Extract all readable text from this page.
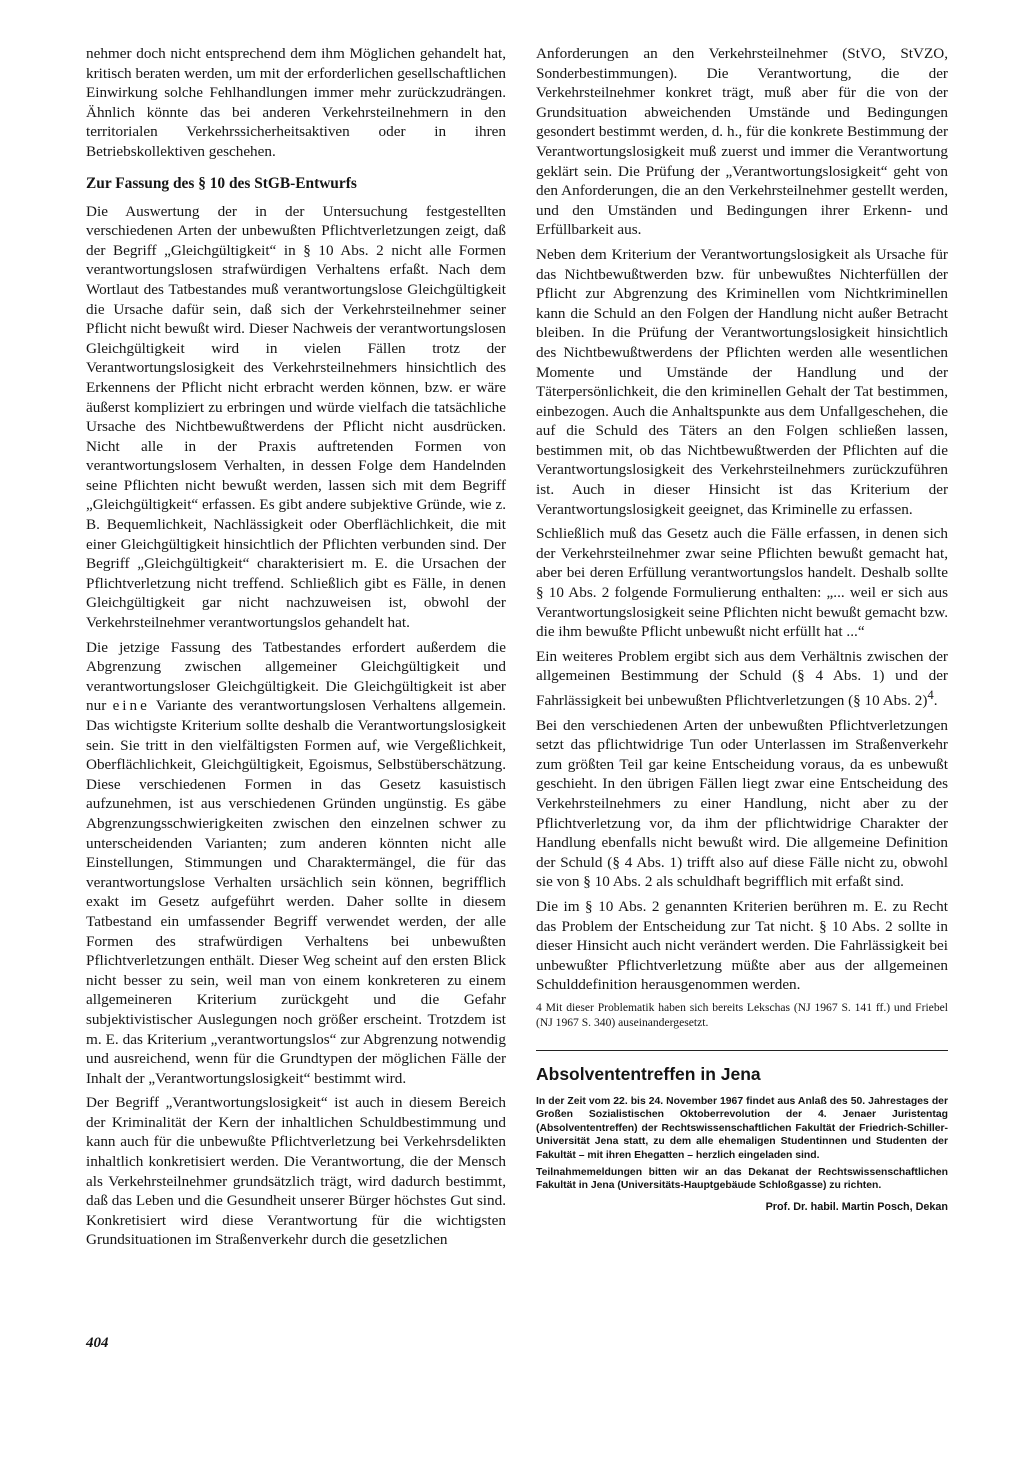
nehmer doch nicht entsprechend dem ihm Möglichen gehandelt hat, kritisch beraten werden, um mit der erforderlichen gesellschaftlichen Einwirkung solche Fehlhandlungen immer mehr zurückzudrängen. Ähnlich könnte das bei anderen Verkehrsteilnehmern in den territorialen Verkehrssicherheitsaktiven oder in ihren Betriebskollektiven geschehen.

Zur Fassung des § 10 des StGB-Entwurfs

Die Auswertung der in der Untersuchung festgestellten verschiedenen Arten der unbewußten Pflichtverletzungen zeigt, daß der Begriff „Gleichgültigkeit“ in § 10 Abs. 2 nicht alle Formen verantwortungslosen strafwürdigen Verhaltens erfaßt. Nach dem Wortlaut des Tatbestandes muß verantwortungslose Gleichgültigkeit die Ursache dafür sein, daß sich der Verkehrsteilnehmer seiner Pflicht nicht bewußt wird. Dieser Nachweis der verantwortungslosen Gleichgültigkeit wird in vielen Fällen trotz der Verantwortungslosigkeit des Verkehrsteilnehmers hinsichtlich des Erkennens der Pflicht nicht erbracht werden können, bzw. er wäre äußerst kompliziert zu erbringen und würde vielfach die tatsächliche Ursache des Nichtbewußtwerdens der Pflicht nicht ausdrücken. Nicht alle in der Praxis auftretenden Formen von verantwortungslosem Verhalten, in dessen Folge dem Handelnden seine Pflichten nicht bewußt werden, lassen sich mit dem Begriff „Gleichgültigkeit“ erfassen. Es gibt andere subjektive Gründe, wie z. B. Bequemlichkeit, Nachlässigkeit oder Oberflächlichkeit, die mit einer Gleichgültigkeit hinsichtlich der Pflichten verbunden sind. Der Begriff „Gleichgültigkeit“ charakterisiert m. E. die Ursachen der Pflichtverletzung nicht treffend. Schließlich gibt es Fälle, in denen Gleichgültigkeit gar nicht nachzuweisen ist, obwohl der Verkehrsteilnehmer verantwortungslos gehandelt hat.

Die jetzige Fassung des Tatbestandes erfordert außerdem die Abgrenzung zwischen allgemeiner Gleichgültigkeit und verantwortungsloser Gleichgültigkeit. Die Gleichgültigkeit ist aber nur eine Variante des verantwortungslosen Verhaltens allgemein. Das wichtigste Kriterium sollte deshalb die Verantwortungslosigkeit sein. Sie tritt in den vielfältigsten Formen auf, wie Vergeßlichkeit, Oberflächlichkeit, Gleichgültigkeit, Egoismus, Selbstüberschätzung. Diese verschiedenen Formen in das Gesetz kasuistisch aufzunehmen, ist aus verschiedenen Gründen ungünstig. Es gäbe Abgrenzungsschwierigkeiten zwischen den einzelnen schwer zu unterscheidenden Varianten; zum anderen könnten nicht alle Einstellungen, Stimmungen und Charaktermängel, die für das verantwortungslose Verhalten ursächlich sein können, begrifflich exakt im Gesetz aufgeführt werden. Daher sollte in diesem Tatbestand ein umfassender Begriff verwendet werden, der alle Formen des strafwürdigen Verhaltens bei unbewußten Pflichtverletzungen enthält. Dieser Weg scheint auf den ersten Blick nicht besser zu sein, weil man von einem konkreteren zu einem allgemeineren Kriterium zurückgeht und die Gefahr subjektivistischer Auslegungen noch größer erscheint. Trotzdem ist m. E. das Kriterium „verantwortungslos“ zur Abgrenzung notwendig und ausreichend, wenn für die Grundtypen der möglichen Fälle der Inhalt der „Verantwortungslosigkeit“ bestimmt wird.

Der Begriff „Verantwortungslosigkeit“ ist auch in diesem Bereich der Kriminalität der Kern der inhaltlichen Schuldbestimmung und kann auch für die unbewußte Pflichtverletzung bei Verkehrsdelikten inhaltlich konkretisiert werden. Die Verantwortung, die der Mensch als Verkehrsteilnehmer grundsätzlich trägt, wird dadurch bestimmt, daß das Leben und die Gesundheit unserer Bürger höchstes Gut sind. Konkretisiert wird diese Verantwortung für die wichtigsten Grundsituationen im Straßenverkehr durch die gesetzlichen

Anforderungen an den Verkehrsteilnehmer (StVO, StVZO, Sonderbestimmungen). Die Verantwortung, die der Verkehrsteilnehmer konkret trägt, muß aber für die von der Grundsituation abweichenden Umstände und Bedingungen gesondert bestimmt werden, d. h., für die konkrete Bestimmung der Verantwortungslosigkeit muß zuerst und immer die Verantwortung geklärt sein. Die Prüfung der „Verantwortungslosigkeit“ geht von den Anforderungen, die an den Verkehrsteilnehmer gestellt werden, und den Umständen und Bedingungen ihrer Erkenn- und Erfüllbarkeit aus.

Neben dem Kriterium der Verantwortungslosigkeit als Ursache für das Nichtbewußtwerden bzw. für unbewußtes Nichterfüllen der Pflicht zur Abgrenzung des Kriminellen vom Nichtkriminellen kann die Schuld an den Folgen der Handlung nicht außer Betracht bleiben. In die Prüfung der Verantwortungslosigkeit hinsichtlich des Nichtbewußtwerdens der Pflichten werden alle wesentlichen Momente und Umstände der Handlung und der Täterpersönlichkeit, die den kriminellen Gehalt der Tat bestimmen, einbezogen. Auch die Anhaltspunkte aus dem Unfallgeschehen, die auf die Schuld des Täters an den Folgen schließen lassen, bestimmen mit, ob das Nichtbewußtwerden der Pflichten auf die Verantwortungslosigkeit des Verkehrsteilnehmers zurückzuführen ist. Auch in dieser Hinsicht ist das Kriterium der Verantwortungslosigkeit geeignet, das Kriminelle zu erfassen.

Schließlich muß das Gesetz auch die Fälle erfassen, in denen sich der Verkehrsteilnehmer zwar seine Pflichten bewußt gemacht hat, aber bei deren Erfüllung verantwortungslos handelt. Deshalb sollte § 10 Abs. 2 folgende Formulierung enthalten: „... weil er sich aus Verantwortungslosigkeit seine Pflichten nicht bewußt gemacht bzw. die ihm bewußte Pflicht unbewußt nicht erfüllt hat ...“

Ein weiteres Problem ergibt sich aus dem Verhältnis zwischen der allgemeinen Bestimmung der Schuld (§ 4 Abs. 1) und der Fahrlässigkeit bei unbewußten Pflichtverletzungen (§ 10 Abs. 2)$^4$.

Bei den verschiedenen Arten der unbewußten Pflichtverletzungen setzt das pflichtwidrige Tun oder Unterlassen im Straßenverkehr zum größten Teil gar keine Entscheidung voraus, da es unbewußt geschieht. In den übrigen Fällen liegt zwar eine Entscheidung des Verkehrsteilnehmers zu einer Handlung, nicht aber zu der Pflichtverletzung vor, da ihm der pflichtwidrige Charakter der Handlung ebenfalls nicht bewußt wird. Die allgemeine Definition der Schuld (§ 4 Abs. 1) trifft also auf diese Fälle nicht zu, obwohl sie von § 10 Abs. 2 als schuldhaft begrifflich mit erfaßt sind.

Die im § 10 Abs. 2 genannten Kriterien berühren m. E. zu Recht das Problem der Entscheidung zur Tat nicht. § 10 Abs. 2 sollte in dieser Hinsicht auch nicht verändert werden. Die Fahrlässigkeit bei unbewußter Pflichtverletzung müßte aber aus der allgemeinen Schulddefinition herausgenommen werden.

4 Mit dieser Problematik haben sich bereits Lekschas (NJ 1967 S. 141 ff.) und Friebel (NJ 1967 S. 340) auseinandergesetzt.

Absolvententreffen in Jena

In der Zeit vom 22. bis 24. November 1967 findet aus Anlaß des 50. Jahrestages der Großen Sozialistischen Oktoberrevolution der 4. Jenaer Juristentag (Absolvententreffen) der Rechtswissenschaftlichen Fakultät der Friedrich-Schiller-Universität Jena statt, zu dem alle ehemaligen Studentinnen und Studenten der Fakultät – mit ihren Ehegatten – herzlich eingeladen sind.

Teilnahmemeldungen bitten wir an das Dekanat der Rechtswissenschaftlichen Fakultät in Jena (Universitäts-Hauptgebäude Schloßgasse) zu richten.

Prof. Dr. habil. Martin Posch, Dekan

404
